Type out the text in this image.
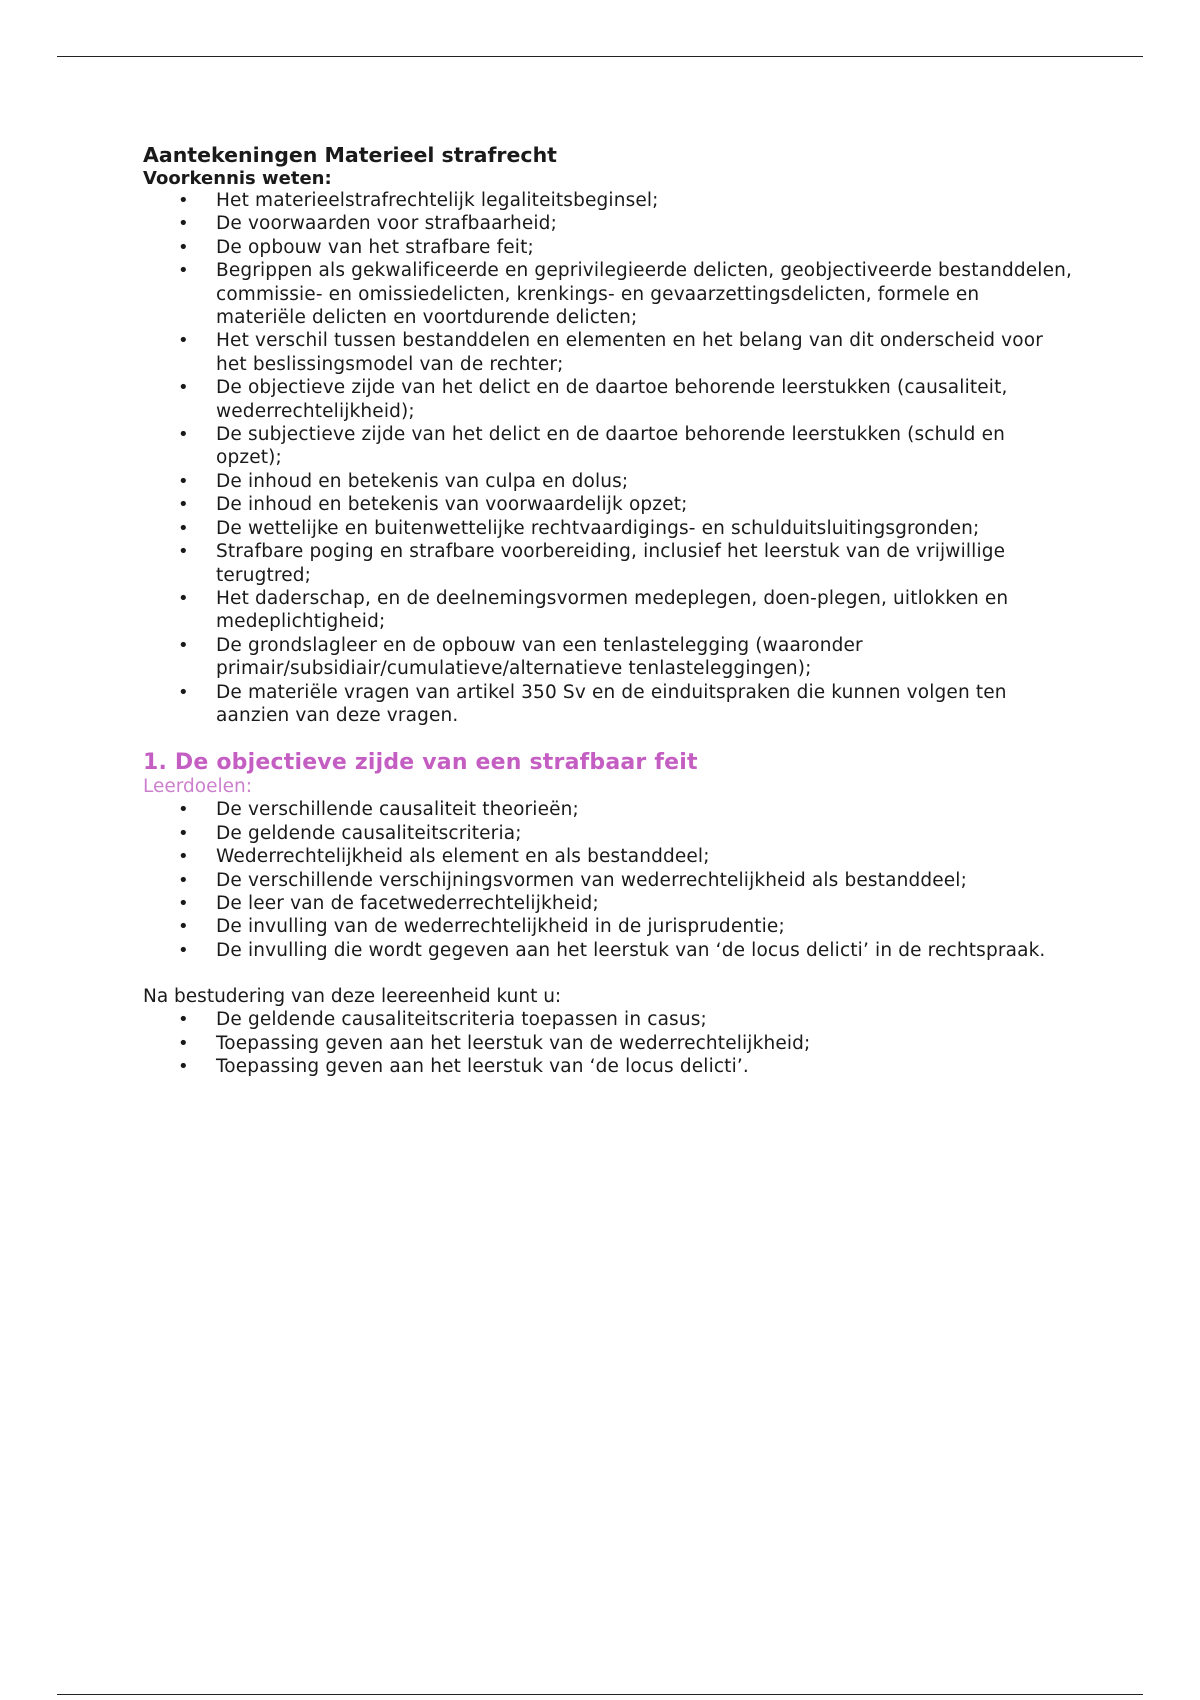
Aantekeningen Materieel strafrecht

Voorkennis weten:

• Het materieelstrafrechtelijk legaliteitsbeginsel;
• De voorwaarden voor strafbaarheid;
• De opbouw van het strafbare feit;
• Begrippen als gekwalificeerde en geprivilegieerde delicten, geobjectiveerde bestanddelen, commissie- en omissiedelicten, krenkings- en gevaarzettingsdelicten, formele en materiële delicten en voortdurende delicten;
• Het verschil tussen bestanddelen en elementen en het belang van dit onderscheid voor het beslissingsmodel van de rechter;
• De objectieve zijde van het delict en de daartoe behorende leerstukken (causaliteit, wederrechtelijkheid);
• De subjectieve zijde van het delict en de daartoe behorende leerstukken (schuld en opzet);
• De inhoud en betekenis van culpa en dolus;
• De inhoud en betekenis van voorwaardelijk opzet;
• De wettelijke en buitenwettelijke rechtvaardigings- en schulduitsluitingsgronden;
• Strafbare poging en strafbare voorbereiding, inclusief het leerstuk van de vrijwillige terugtred;
• Het daderschap, en de deelnemingsvormen medeplegen, doen-plegen, uitlokken en medeplichtigheid;
• De grondslagleer en de opbouw van een tenlastelegging (waaronder primair/subsidiair/cumulatieve/alternatieve tenlasteleggingen);
• De materiële vragen van artikel 350 Sv en de einduitspraken die kunnen volgen ten aanzien van deze vragen.
1. De objectieve zijde van een strafbaar feit

Leerdoelen:

• De verschillende causaliteit theorieën;
• De geldende causaliteitscriteria;
• Wederrechtelijkheid als element en als bestanddeel;
• De verschillende verschijningsvormen van wederrechtelijkheid als bestanddeel;
• De leer van de facetwederrechtelijkheid;
• De invulling van de wederrechtelijkheid in de jurisprudentie;
• De invulling die wordt gegeven aan het leerstuk van ‘de locus delicti’ in de rechtspraak.

Na bestudering van deze leereenheid kunt u:

• De geldende causaliteitscriteria toepassen in casus;
• Toepassing geven aan het leerstuk van de wederrechtelijkheid;
• Toepassing geven aan het leerstuk van ‘de locus delicti’.
